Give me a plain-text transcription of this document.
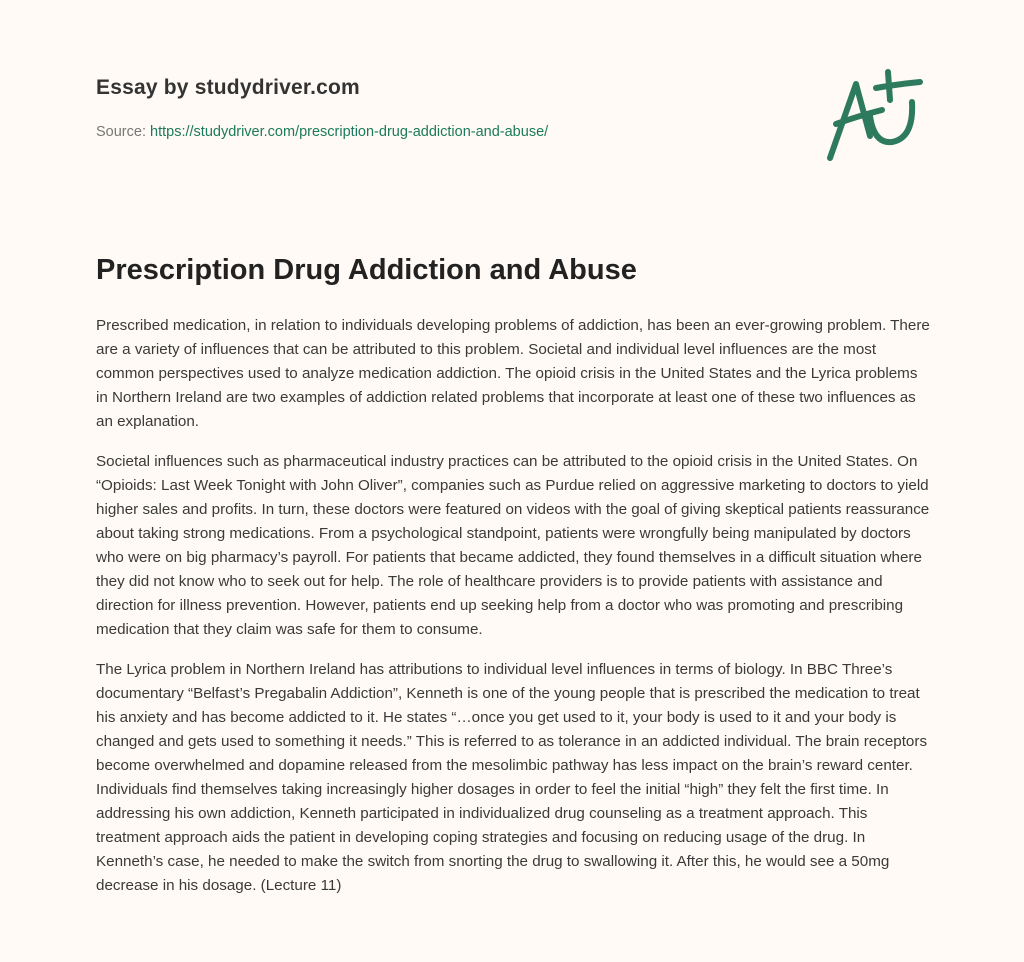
Essay by studydriver.com
Source: https://studydriver.com/prescription-drug-addiction-and-abuse/
Prescription Drug Addiction and Abuse

Prescribed medication, in relation to individuals developing problems of addiction, has been an ever-growing problem. There are a variety of influences that can be attributed to this problem. Societal and individual level influences are the most common perspectives used to analyze medication addiction. The opioid crisis in the United States and the Lyrica problems in Northern Ireland are two examples of addiction related problems that incorporate at least one of these two influences as an explanation.

Societal influences such as pharmaceutical industry practices can be attributed to the opioid crisis in the United States. On “Opioids: Last Week Tonight with John Oliver”, companies such as Purdue relied on aggressive marketing to doctors to yield higher sales and profits. In turn, these doctors were featured on videos with the goal of giving skeptical patients reassurance about taking strong medications. From a psychological standpoint, patients were wrongfully being manipulated by doctors who were on big pharmacy’s payroll. For patients that became addicted, they found themselves in a difficult situation where they did not know who to seek out for help. The role of healthcare providers is to provide patients with assistance and direction for illness prevention. However, patients end up seeking help from a doctor who was promoting and prescribing medication that they claim was safe for them to consume.

The Lyrica problem in Northern Ireland has attributions to individual level influences in terms of biology. In BBC Three’s documentary “Belfast’s Pregabalin Addiction”, Kenneth is one of the young people that is prescribed the medication to treat his anxiety and has become addicted to it. He states “…once you get used to it, your body is used to it and your body is changed and gets used to something it needs.” This is referred to as tolerance in an addicted individual. The brain receptors become overwhelmed and dopamine released from the mesolimbic pathway has less impact on the brain’s reward center. Individuals find themselves taking increasingly higher dosages in order to feel the initial “high” they felt the first time. In addressing his own addiction, Kenneth participated in individualized drug counseling as a treatment approach. This treatment approach aids the patient in developing coping strategies and focusing on reducing usage of the drug. In Kenneth’s case, he needed to make the switch from snorting the drug to swallowing it. After this, he would see a 50mg decrease in his dosage. (Lecture 11)
